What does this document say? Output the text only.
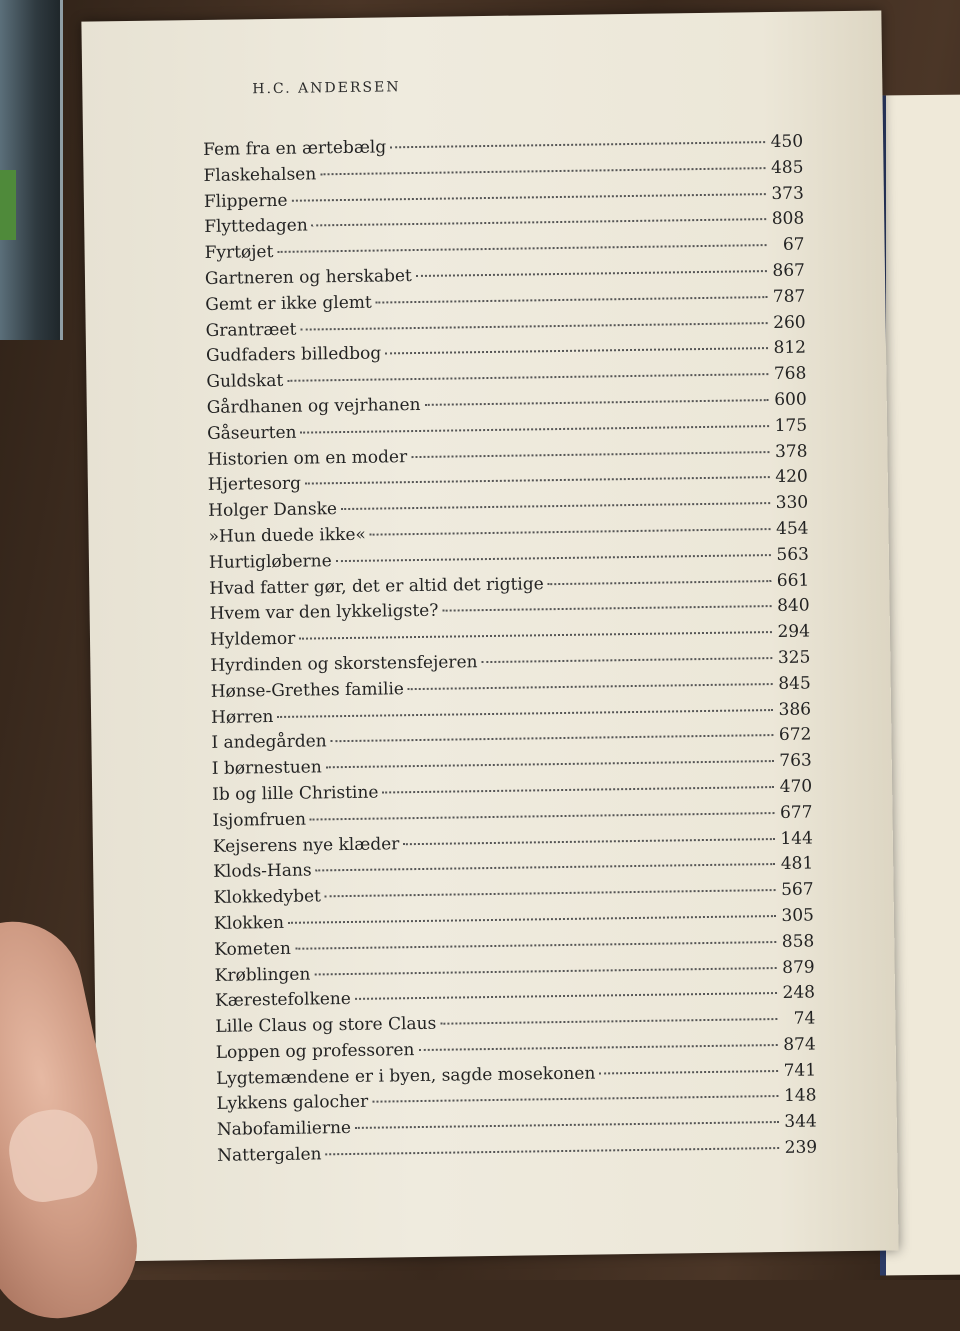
H.C. ANDERSEN
Fem fra en ærtebælg	450
Flaskehalsen	485
Flipperne	373
Flyttedagen	808
Fyrtøjet	67
Gartneren og herskabet	867
Gemt er ikke glemt	787
Grantræet	260
Gudfaders billedbog	812
Guldskat	768
Gårdhanen og vejrhanen	600
Gåseurten	175
Historien om en moder	378
Hjertesorg	420
Holger Danske	330
»Hun duede ikke«	454
Hurtigløberne	563
Hvad fatter gør, det er altid det rigtige	661
Hvem var den lykkeligste?	840
Hyldemor	294
Hyrdinden og skorstensfejeren	325
Hønse-Grethes familie	845
Hørren	386
I andegården	672
I børnestuen	763
Ib og lille Christine	470
Isjomfruen	677
Kejserens nye klæder	144
Klods-Hans	481
Klokkedybet	567
Klokken	305
Kometen	858
Krøblingen	879
Kærestefolkene	248
Lille Claus og store Claus	74
Loppen og professoren	874
Lygtemændene er i byen, sagde mosekonen	741
Lykkens galocher	148
Nabofamilierne	344
Nattergalen	239
